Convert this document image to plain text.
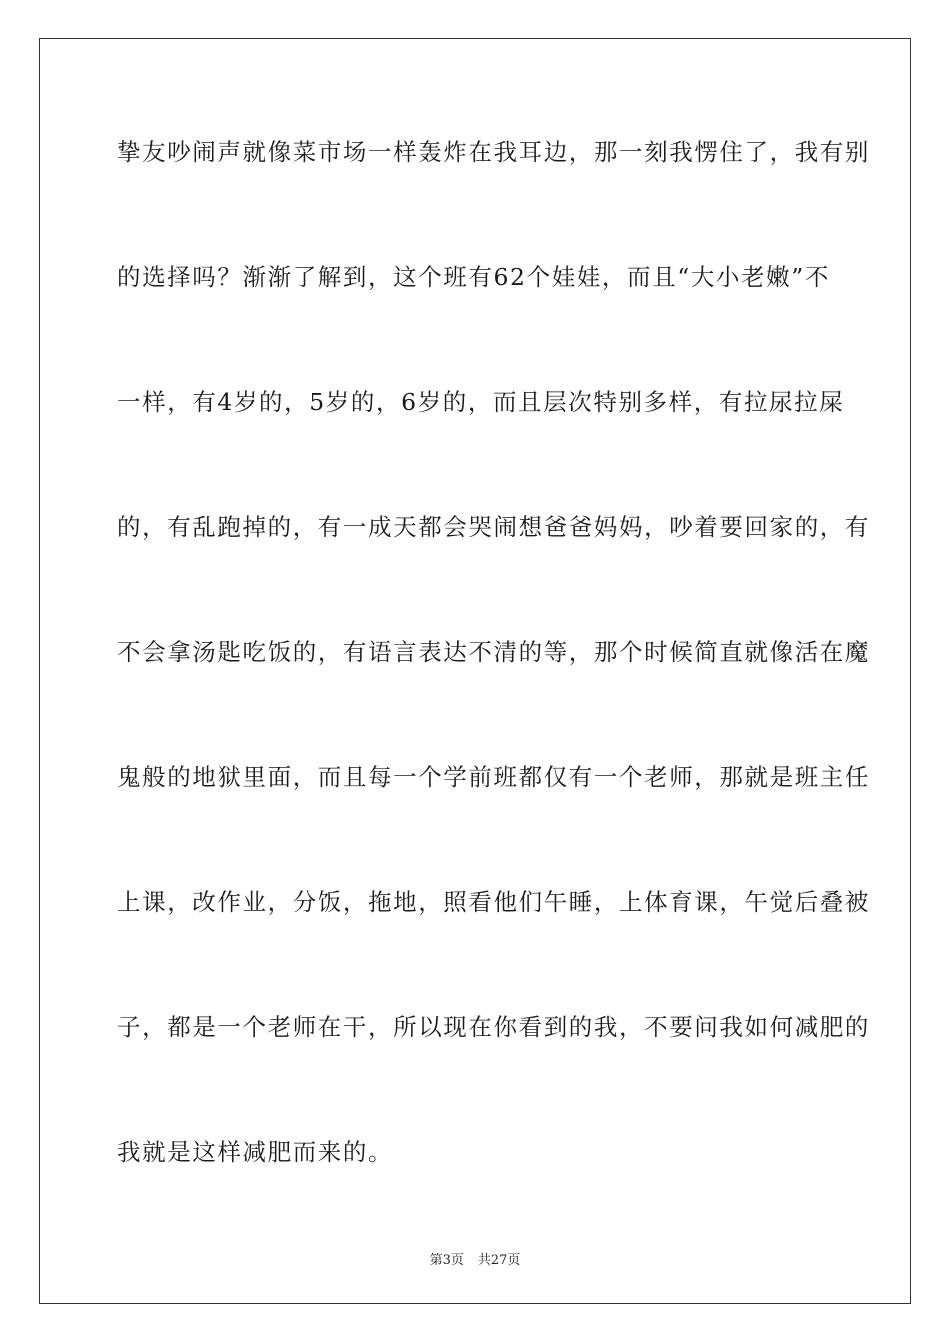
挚友吵闹声就像菜市场一样轰炸在我耳边，那一刻我愣住了，我有别
的选择吗？渐渐了解到，这个班有62个娃娃，而且“大小老嫩”不
一样，有4岁的，5岁的，6岁的，而且层次特别多样，有拉尿拉屎
的，有乱跑掉的，有一成天都会哭闹想爸爸妈妈，吵着要回家的，有
不会拿汤匙吃饭的，有语言表达不清的等，那个时候简直就像活在魔
鬼般的地狱里面，而且每一个学前班都仅有一个老师，那就是班主任
上课，改作业，分饭，拖地，照看他们午睡，上体育课，午觉后叠被
子，都是一个老师在干，所以现在你看到的我，不要问我如何减肥的
我就是这样减肥而来的。
第3页 共27页
